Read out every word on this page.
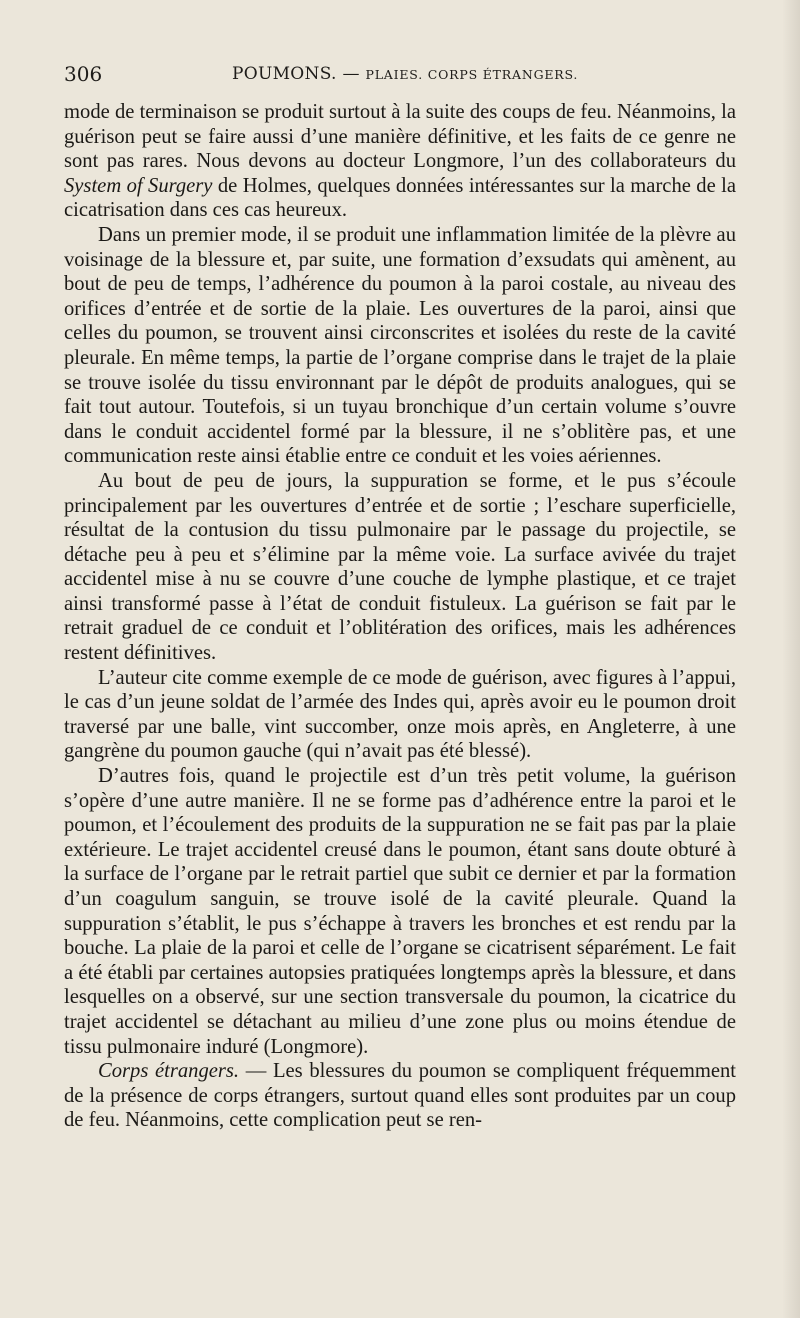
306	POUMONS. — PLAIES. CORPS ÉTRANGERS.

mode de terminaison se produit surtout à la suite des coups de feu. Néanmoins, la guérison peut se faire aussi d’une manière définitive, et les faits de ce genre ne sont pas rares. Nous devons au docteur Longmore, l’un des collaborateurs du System of Surgery de Holmes, quelques données intéressantes sur la marche de la cicatrisation dans ces cas heureux.

Dans un premier mode, il se produit une inflammation limitée de la plèvre au voisinage de la blessure et, par suite, une formation d’exsudats qui amènent, au bout de peu de temps, l’adhérence du poumon à la paroi costale, au niveau des orifices d’entrée et de sortie de la plaie. Les ouvertures de la paroi, ainsi que celles du poumon, se trouvent ainsi circonscrites et isolées du reste de la cavité pleurale. En même temps, la partie de l’organe comprise dans le trajet de la plaie se trouve isolée du tissu environnant par le dépôt de produits analogues, qui se fait tout autour. Toutefois, si un tuyau bronchique d’un certain volume s’ouvre dans le conduit accidentel formé par la blessure, il ne s’oblitère pas, et une communication reste ainsi établie entre ce conduit et les voies aériennes.

Au bout de peu de jours, la suppuration se forme, et le pus s’écoule principalement par les ouvertures d’entrée et de sortie ; l’eschare superficielle, résultat de la contusion du tissu pulmonaire par le passage du projectile, se détache peu à peu et s’élimine par la même voie. La surface avivée du trajet accidentel mise à nu se couvre d’une couche de lymphe plastique, et ce trajet ainsi transformé passe à l’état de conduit fistuleux. La guérison se fait par le retrait graduel de ce conduit et l’oblitération des orifices, mais les adhérences restent définitives.

L’auteur cite comme exemple de ce mode de guérison, avec figures à l’appui, le cas d’un jeune soldat de l’armée des Indes qui, après avoir eu le poumon droit traversé par une balle, vint succomber, onze mois après, en Angleterre, à une gangrène du poumon gauche (qui n’avait pas été blessé).

D’autres fois, quand le projectile est d’un très petit volume, la guérison s’opère d’une autre manière. Il ne se forme pas d’adhérence entre la paroi et le poumon, et l’écoulement des produits de la suppuration ne se fait pas par la plaie extérieure. Le trajet accidentel creusé dans le poumon, étant sans doute obturé à la surface de l’organe par le retrait partiel que subit ce dernier et par la formation d’un coagulum sanguin, se trouve isolé de la cavité pleurale. Quand la suppuration s’établit, le pus s’échappe à travers les bronches et est rendu par la bouche. La plaie de la paroi et celle de l’organe se cicatrisent séparément. Le fait a été établi par certaines autopsies pratiquées longtemps après la blessure, et dans lesquelles on a observé, sur une section transversale du poumon, la cicatrice du trajet accidentel se détachant au milieu d’une zone plus ou moins étendue de tissu pulmonaire induré (Longmore).

Corps étrangers. — Les blessures du poumon se compliquent fréquemment de la présence de corps étrangers, surtout quand elles sont produites par un coup de feu. Néanmoins, cette complication peut se ren-
